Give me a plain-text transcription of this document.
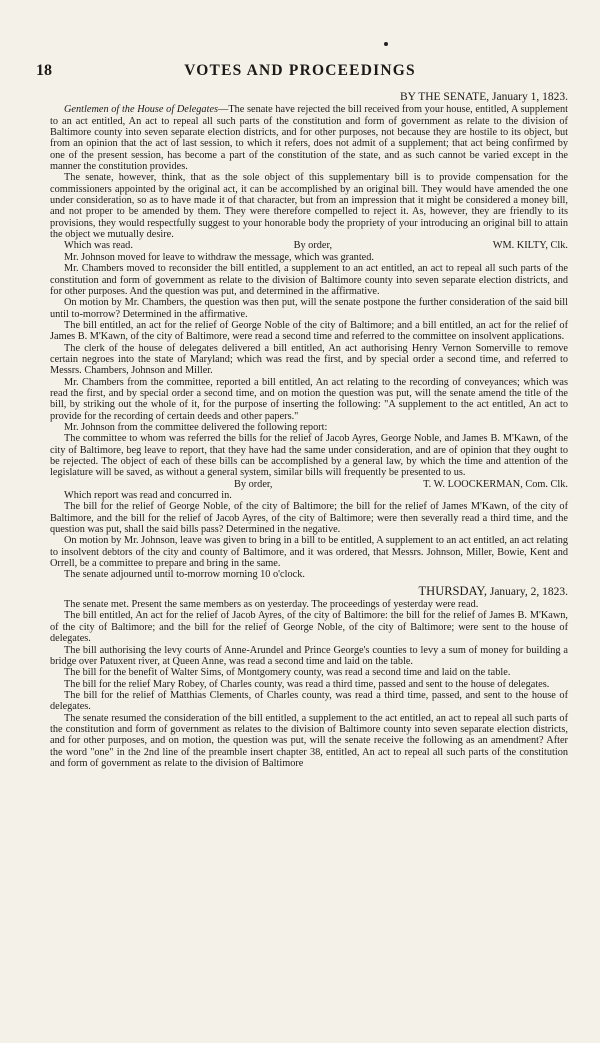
18	VOTES AND PROCEEDINGS
BY THE SENATE, January 1, 1823.

Gentlemen of the House of Delegates—The senate have rejected the bill received from your house, entitled, A supplement to an act entitled, An act to repeal all such parts of the constitution and form of government as relate to the division of Baltimore county into seven separate election districts, and for other purposes, not because they are hostile to its object, but from an opinion that the act of last session, to which it refers, does not admit of a supplement; that act being confirmed by one of the present session, has become a part of the constitution of the state, and as such cannot be varied except in the manner the constitution provides.

The senate, however, think, that as the sole object of this supplementary bill is to provide compensation for the commissioners appointed by the original act, it can be accomplished by an original bill. They would have amended the one under consideration, so as to have made it of that character, but from an impression that it might be considered a money bill, and not proper to be amended by them. They were therefore compelled to reject it. As, however, they are friendly to its provisions, they would respectfully suggest to your honorable body the propriety of your introducing an original bill to attain the object we mutually desire.

Which was read.	By order,	WM. KILTY, Clk.

Mr. Johnson moved for leave to withdraw the message, which was granted.

Mr. Chambers moved to reconsider the bill entitled, a supplement to an act entitled, an act to repeal all such parts of the constitution and form of government as relate to the division of Baltimore county into seven separate election districts, and for other purposes. And the question was put, and determined in the affirmative.

On motion by Mr. Chambers, the question was then put, will the senate postpone the further consideration of the said bill until to-morrow? Determined in the affirmative.

The bill entitled, an act for the relief of George Noble of the city of Baltimore; and a bill entitled, an act for the relief of James B. M'Kawn, of the city of Baltimore, were read a second time and referred to the committee on insolvent applications.

The clerk of the house of delegates delivered a bill entitled, An act authorising Henry Vernon Somerville to remove certain negroes into the state of Maryland; which was read the first, and by special order a second time, and referred to Messrs. Chambers, Johnson and Miller.

Mr. Chambers from the committee, reported a bill entitled, An act relating to the recording of conveyances; which was read the first, and by special order a second time, and on motion the question was put, will the senate amend the title of the bill, by striking out the whole of it, for the purpose of inserting the following: "A supplement to the act entitled, An act to provide for the recording of certain deeds and other papers."

Mr. Johnson from the committee delivered the following report:

The committee to whom was referred the bills for the relief of Jacob Ayres, George Noble, and James B. M'Kawn, of the city of Baltimore, beg leave to report, that they have had the same under consideration, and are of opinion that they ought to be rejected. The object of each of these bills can be accomplished by a general law, by which the time and attention of the legislature will be saved, as without a general system, similar bills will frequently be presented to us.

By order,	T. W. LOOCKERMAN, Com. Clk.

Which report was read and concurred in.

The bill for the relief of George Noble, of the city of Baltimore; the bill for the relief of James M'Kawn, of the city of Baltimore, and the bill for the relief of Jacob Ayres, of the city of Baltimore; were then severally read a third time, and the question was put, shall the said bills pass? Determined in the negative.

On motion by Mr. Johnson, leave was given to bring in a bill to be entitled, A supplement to an act entitled, an act relating to insolvent debtors of the city and county of Baltimore, and it was ordered, that Messrs. Johnson, Miller, Bowie, Kent and Orrell, be a committee to prepare and bring in the same.

The senate adjourned until to-morrow morning 10 o'clock.

THURSDAY, January, 2, 1823.

The senate met. Present the same members as on yesterday. The proceedings of yesterday were read.

The bill entitled, An act for the relief of Jacob Ayres, of the city of Baltimore: the bill for the relief of James B. M'Kawn, of the city of Baltimore; and the bill for the relief of George Noble, of the city of Baltimore; were sent to the house of delegates.

The bill authorising the levy courts of Anne-Arundel and Prince George's counties to levy a sum of money for building a bridge over Patuxent river, at Queen Anne, was read a second time and laid on the table.

The bill for the benefit of Walter Sims, of Montgomery county, was read a second time and laid on the table.

The bill for the relief Mary Robey, of Charles county, was read a third time, passed and sent to the house of delegates.

The bill for the relief of Matthias Clements, of Charles county, was read a third time, passed, and sent to the house of delegates.

The senate resumed the consideration of the bill entitled, a supplement to the act entitled, an act to repeal all such parts of the constitution and form of government as relates to the division of Baltimore county into seven separate election districts, and for other purposes, and on motion, the question was put, will the senate receive the following as an amendment? After the word "one" in the 2nd line of the preamble insert chapter 38, entitled, An act to repeal all such parts of the constitution and form of government as relate to the division of Baltimore
